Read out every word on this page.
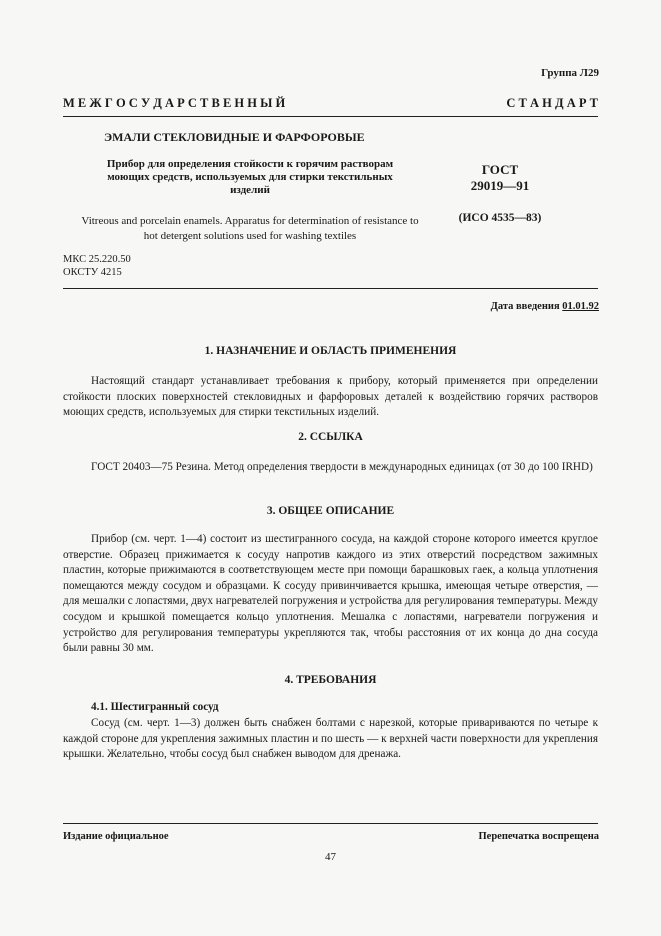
Группа Л29
М Е Ж Г О С У Д А Р С Т В Е Н Н Ы Й	С Т А Н Д А Р Т
ЭМАЛИ СТЕКЛОВИДНЫЕ И ФАРФОРОВЫЕ
Прибор для определения стойкости к горячим растворам моющих средств, используемых для стирки текстильных изделий
ГОСТ
29019—91
(ИСО 4535—83)
Vitreous and porcelain enamels. Apparatus for determination of resistance to hot detergent solutions used for washing textiles
МКС 25.220.50
ОКСТУ 4215
Дата введения 01.01.92
1. НАЗНАЧЕНИЕ И ОБЛАСТЬ ПРИМЕНЕНИЯ
Настоящий стандарт устанавливает требования к прибору, который применяется при определении стойкости плоских поверхностей стекловидных и фарфоровых деталей к воздействию горячих растворов моющих средств, используемых для стирки текстильных изделий.
2. ССЫЛКА
ГОСТ 20403—75 Резина. Метод определения твердости в международных единицах (от 30 до 100 IRHD)
3. ОБЩЕЕ ОПИСАНИЕ
Прибор (см. черт. 1—4) состоит из шестигранного сосуда, на каждой стороне которого имеется круглое отверстие. Образец прижимается к сосуду напротив каждого из этих отверстий посредством зажимных пластин, которые прижимаются в соответствующем месте при помощи барашковых гаек, а кольца уплотнения помещаются между сосудом и образцами. К сосуду привинчивается крышка, имеющая четыре отверстия, — для мешалки с лопастями, двух нагревателей погружения и устройства для регулирования температуры. Между сосудом и крышкой помещается кольцо уплотнения. Мешалка с лопастями, нагреватели погружения и устройство для регулирования температуры укрепляются так, чтобы расстояния от их конца до дна сосуда были равны 30 мм.
4. ТРЕБОВАНИЯ
4.1. Шестигранный сосуд
Сосуд (см. черт. 1—3) должен быть снабжен болтами с нарезкой, которые привариваются по четыре к каждой стороне для укрепления зажимных пластин и по шесть — к верхней части поверхности для укрепления крышки. Желательно, чтобы сосуд был снабжен выводом для дренажа.
Издание официальное	Перепечатка воспрещена
47
